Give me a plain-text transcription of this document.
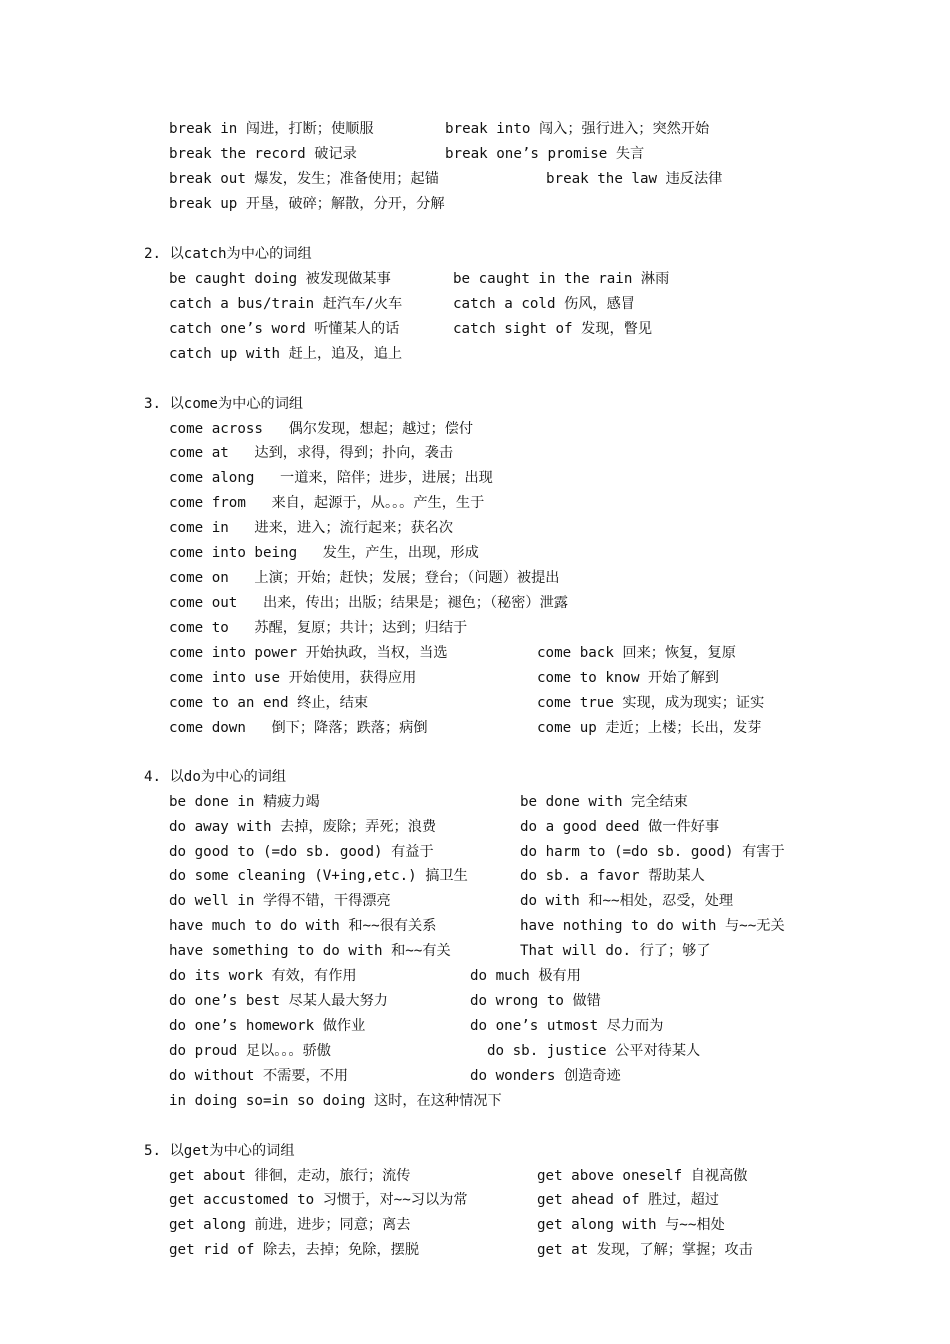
break in 闯进，打断；使顺服	break into 闯入；强行进入；突然开始
break the record 破记录	break one’s promise 失言
break out 爆发，发生；准备使用；起锚	break the law 违反法律
break up 开垦，破碎；解散，分开，分解
2. 以catch为中心的词组
be caught doing 被发现做某事	be caught in the rain 淋雨
catch a bus/train 赶汽车/火车	catch a cold 伤风，感冒
catch one’s word 听懂某人的话	catch sight of 发现，瞥见
catch up with 赶上，追及，追上
3. 以come为中心的词组
come across   偶尔发现，想起；越过；偿付
come at   达到，求得，得到；扑向，袭击
come along   一道来，陪伴；进步，进展；出现
come from   来自，起源于，从。。。产生，生于
come in   进来，进入；流行起来；获名次
come into being   发生，产生，出现，形成
come on   上演；开始；赶快；发展；登台；（问题）被提出
come out   出来，传出；出版；结果是；褪色；（秘密）泄露
come to   苏醒，复原；共计；达到；归结于
come into power 开始执政，当权，当选	come back 回来；恢复，复原
come into use 开始使用，获得应用	come to know 开始了解到
come to an end 终止，结束	come true 实现，成为现实；证实
come down   倒下；降落；跌落；病倒	come up 走近；上楼；长出，发芽
4. 以do为中心的词组
be done in 精疲力竭	be done with 完全结束
do away with 去掉，废除；弄死；浪费	do a good deed 做一件好事
do good to (=do sb. good) 有益于	do harm to (=do sb. good) 有害于
do some cleaning (V+ing,etc.) 搞卫生	do sb. a favor 帮助某人
do well in 学得不错，干得漂亮	do with 和~~相处，忍受，处理
have much to do with 和~~很有关系	have nothing to do with 与~~无关
have something to do with 和~~有关	That will do. 行了；够了
do its work 有效，有作用	do much 极有用
do one’s best 尽某人最大努力	do wrong to 做错
do one’s homework 做作业	do one’s utmost 尽力而为
do proud 足以。。。骄傲	do sb. justice 公平对待某人
do without 不需要，不用	do wonders 创造奇迹
in doing so=in so doing 这时，在这种情况下
5. 以get为中心的词组
get about 徘徊，走动，旅行；流传	get above oneself 自视高傲
get accustomed to 习惯于，对~~习以为常	get ahead of 胜过，超过
get along 前进，进步；同意；离去	get along with 与~~相处
get rid of 除去，去掉；免除，摆脱	get at 发现，了解；掌握；攻击
